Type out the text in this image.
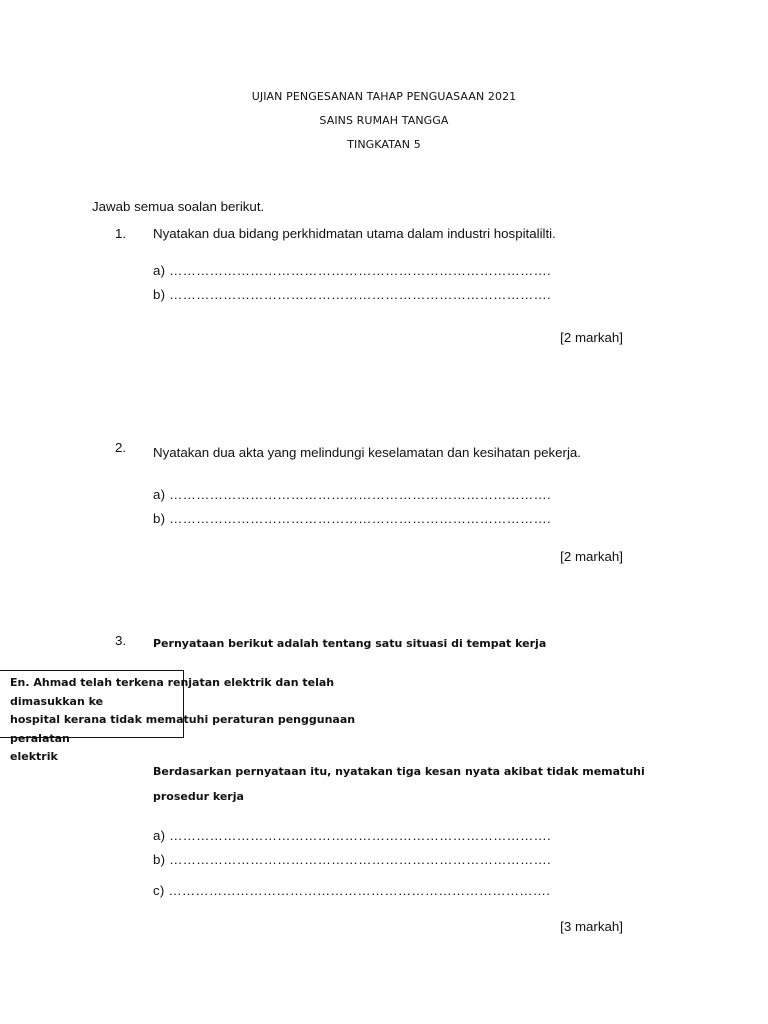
UJIAN PENGESANAN TAHAP PENGUASAAN 2021
SAINS RUMAH TANGGA
TINGKATAN 5
Jawab semua soalan berikut.
1. Nyatakan dua bidang perkhidmatan utama dalam industri hospitalilti.
a) ………………………………………………………………………….
b) ………………………………………………………………………….
[2 markah]
2. Nyatakan dua akta yang melindungi keselamatan dan kesihatan pekerja.
a) ………………………………………………………………………….
b) ………………………………………………………………………….
[2 markah]
3. Pernyataan berikut adalah tentang satu situasi di tempat kerja
En. Ahmad telah terkena renjatan elektrik dan telah dimasukkan ke
hospital kerana tidak mematuhi peraturan penggunaan peralatan
elektrik
Berdasarkan pernyataan itu, nyatakan tiga kesan nyata akibat tidak mematuhi
prosedur kerja
a) ………………………………………………………………………….
b) ………………………………………………………………………….
c) ………………………………………………………………………….
[3 markah]
